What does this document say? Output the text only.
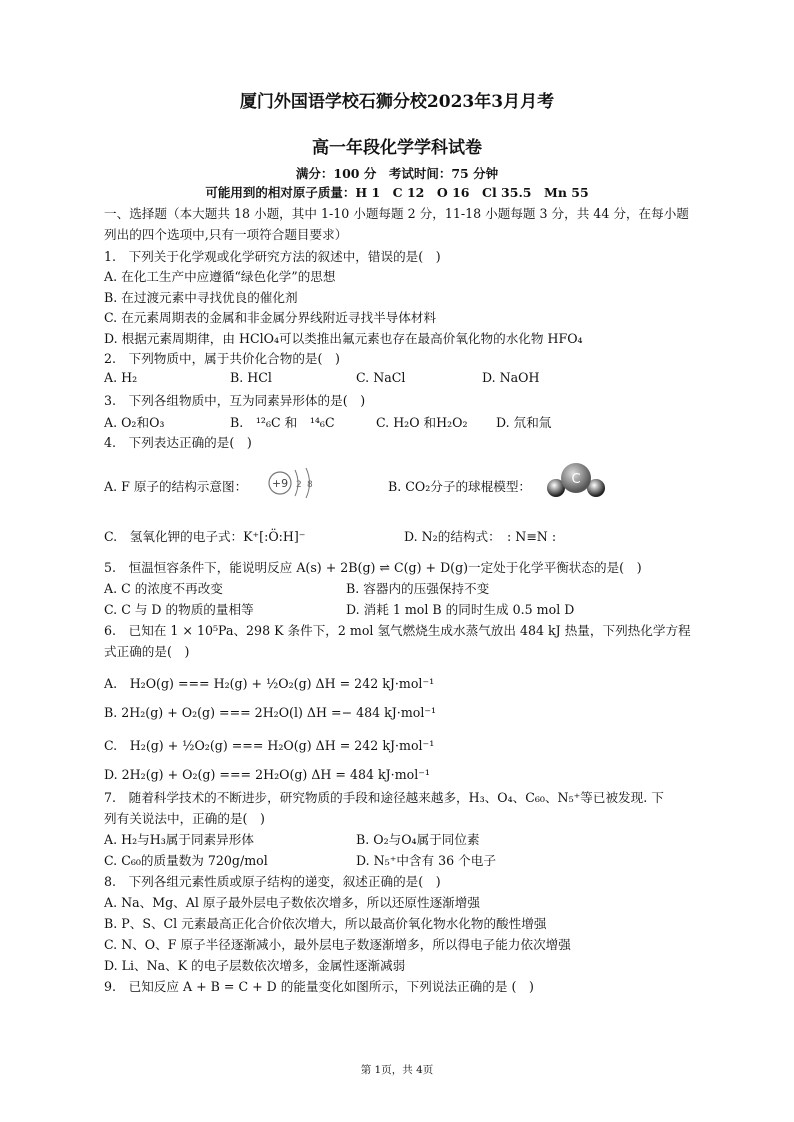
厦门外国语学校石狮分校2023年3月月考
高一年段化学学科试卷
满分：100 分　考试时间：75 分钟
可能用到的相对原子质量：H 1　C 12　O 16　Cl 35.5　Mn 55
一、选择题（本大题共 18 小题，其中 1-10 小题每题 2 分，11-18 小题每题 3 分，共 44 分，在每小题
列出的四个选项中,只有一项符合题目要求）
1.　下列关于化学观或化学研究方法的叙述中，错误的是(　)
A. 在化工生产中应遵循“绿色化学”的思想
B. 在过渡元素中寻找优良的催化剂
C. 在元素周期表的金属和非金属分界线附近寻找半导体材料
D. 根据元素周期律，由 HClO₄可以类推出氟元素也存在最高价氧化物的水化物 HFO₄
2.　下列物质中，属于共价化合物的是(　)
A. H₂	B. HCl	C. NaCl	D. NaOH
3.　下列各组物质中，互为同素异形体的是(　)
A. O₂和O₃	B.　¹²₆C 和　¹⁴₆C	C. H₂O 和H₂O₂ D. 氘和氚
4.　下列表达正确的是(　)
A. F 原子的结构示意图： +9 2 8	B. CO₂分子的球棍模型：	C
C.　氢氧化钾的电子式：K⁺[:Ö:H]⁻	D. N₂的结构式：　: N≡N :
5.　恒温恒容条件下，能说明反应 A(s) + 2B(g) ⇌ C(g) + D(g)一定处于化学平衡状态的是(　)
A. C 的浓度不再改变	B. 容器内的压强保持不变
C. C 与 D 的物质的量相等	D. 消耗 1 mol B 的同时生成 0.5 mol D
6.　已知在 1 × 10⁵Pa、298 K 条件下，2 mol 氢气燃烧生成水蒸气放出 484 kJ 热量，下列热化学方程
式正确的是(　)
A.　H₂O(g) === H₂(g) + ½O₂(g) ΔH = 242 kJ·mol⁻¹
B. 2H₂(g) + O₂(g) === 2H₂O(l) ΔH =− 484 kJ·mol⁻¹
C.　H₂(g) + ½O₂(g) === H₂O(g) ΔH = 242 kJ·mol⁻¹
D. 2H₂(g) + O₂(g) === 2H₂O(g) ΔH = 484 kJ·mol⁻¹
7.　随着科学技术的不断进步，研究物质的手段和途径越来越多，H₃、O₄、C₆₀、N₅⁺等已被发现. 下
列有关说法中，正确的是(　)
A. H₂与H₃属于同素异形体	B. O₂与O₄属于同位素
C. C₆₀的质量数为 720g/mol	D. N₅⁺中含有 36 个电子
8.　下列各组元素性质或原子结构的递变，叙述正确的是(　)
A. Na、Mg、Al 原子最外层电子数依次增多，所以还原性逐渐增强
B. P、S、Cl 元素最高正化合价依次增大，所以最高价氧化物水化物的酸性增强
C. N、O、F 原子半径逐渐减小，最外层电子数逐渐增多，所以得电子能力依次增强
D. Li、Na、K 的电子层数依次增多，金属性逐渐减弱
9.　已知反应 A + B = C + D 的能量变化如图所示，下列说法正确的是 (　)
第 1页，共 4页
